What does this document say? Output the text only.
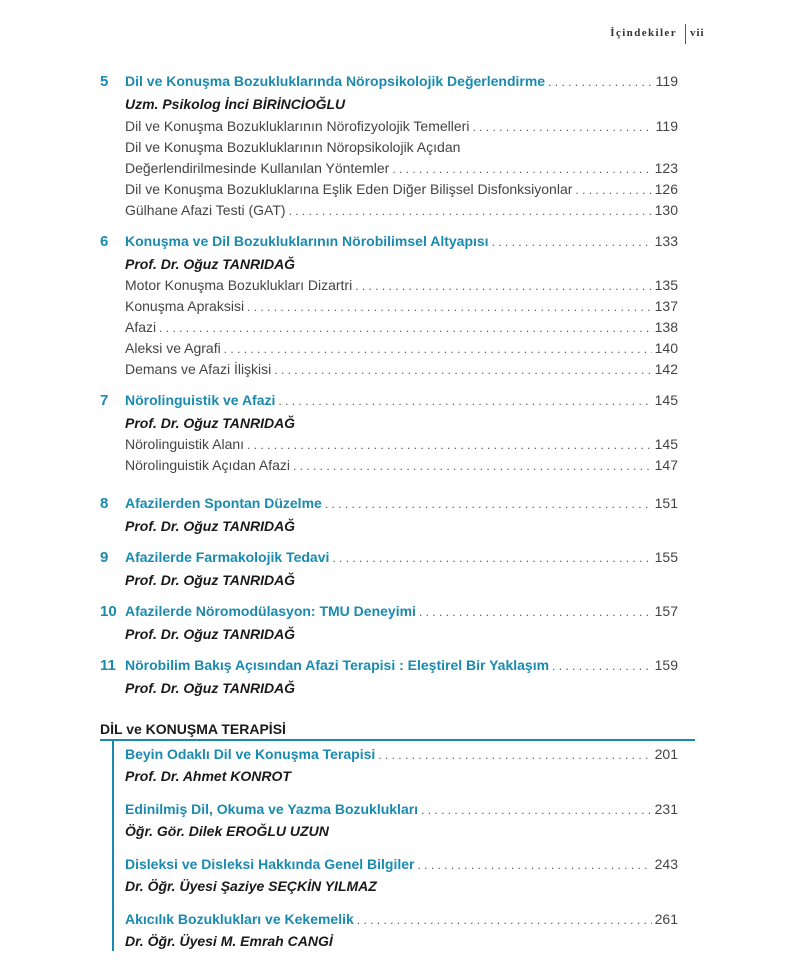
İçindekiler vii
5 Dil ve Konuşma Bozukluklarında Nöropsikolojik Değerlendirme . . .	119
Uzm. Psikolog İnci BİRİNCİOĞLU
Dil ve Konuşma Bozukluklarının Nörofizyolojik Temelleri . . .	119
Dil ve Konuşma Bozukluklarının Nöropsikolojik Açıdan
Değerlendirilmesinde Kullanılan Yöntemler . . .	123
Dil ve Konuşma Bozukluklarına Eşlik Eden Diğer Bilişsel Disfonksiyonlar . . .	126
Gülhane Afazi Testi (GAT) . . .	130
6 Konuşma ve Dil Bozukluklarının Nörobilimsel Altyapısı . . .	133
Prof. Dr. Oğuz TANRIDAĞ
Motor Konuşma Bozuklukları Dizartri . . .	135
Konuşma Apraksisi . . .	137
Afazi . . .	138
Aleksi ve Agrafi . . .	140
Demans ve Afazi İlişkisi . . .	142
7 Nörolinguistik ve Afazi . . .	145
Prof. Dr. Oğuz TANRIDAĞ
Nörolinguistik Alanı . . .	145
Nörolinguistik Açıdan Afazi . . .	147
8 Afazilerden Spontan Düzelme . . .	151
Prof. Dr. Oğuz TANRIDAĞ
9 Afazilerde Farmakolojik Tedavi . . .	155
Prof. Dr. Oğuz TANRIDAĞ
10 Afazilerde Nöromodülasyon: TMU Deneyimi . . .	157
Prof. Dr. Oğuz TANRIDAĞ
11 Nörobilim Bakış Açısından Afazi Terapisi : Eleştirel Bir Yaklaşım . . .	159
Prof. Dr. Oğuz TANRIDAĞ
DİL ve KONUŞMA TERAPİSİ
Beyin Odaklı Dil ve Konuşma Terapisi . . .	201
Prof. Dr. Ahmet KONROT
Edinilmiş Dil, Okuma ve Yazma Bozuklukları . . .	231
Öğr. Gör. Dilek EROĞLU UZUN
Disleksi ve Disleksi Hakkında Genel Bilgiler . . .	243
Dr. Öğr. Üyesi Şaziye SEÇKİN YILMAZ
Akıcılık Bozuklukları ve Kekemelik . . .	261
Dr. Öğr. Üyesi M. Emrah CANGİ
